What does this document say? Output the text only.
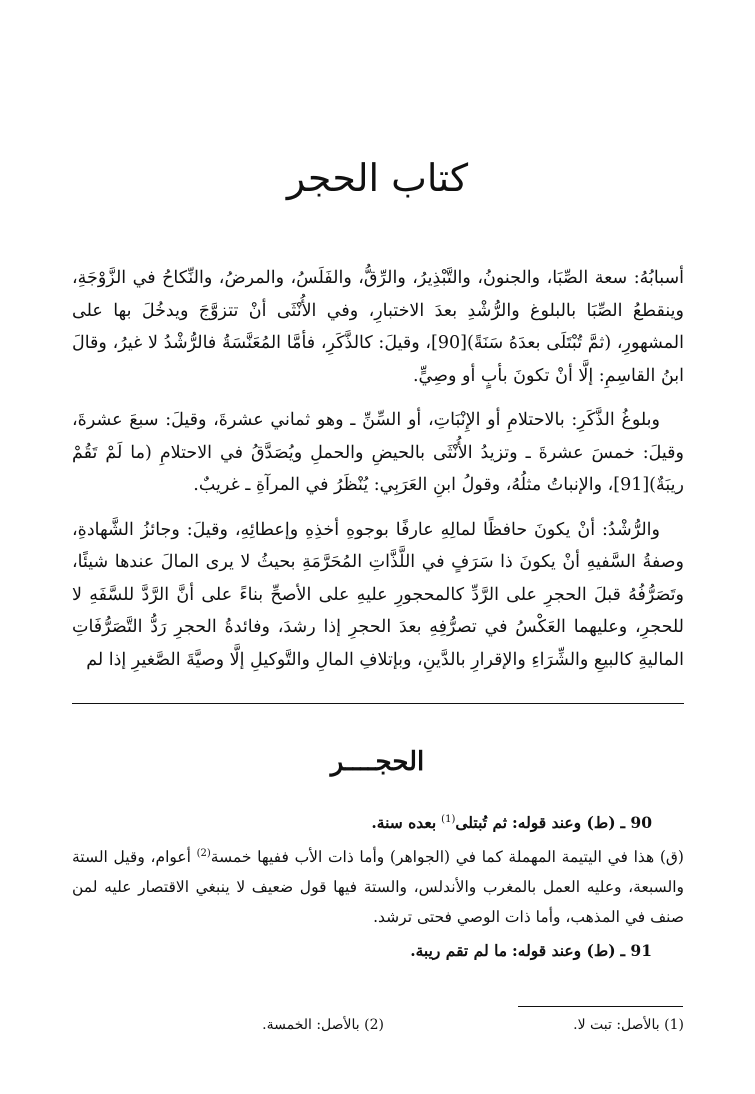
كتاب الحجر

أسبابُهُ: سعة الصِّبَا، والجنونُ، والتَّبْذِيرُ، والرِّقُّ، والفَلَسُ، والمرضُ، والنِّكاحُ في الزَّوْجَةِ، وينقطعُ الصِّبَا بالبلوغ والرُّشْدِ بعدَ الاختبارِ، وفي الأُنْثَى أنْ تتزوَّجَ ويدخُلَ بها على المشهورِ، (ثمَّ تُبْتَلَى بعدَهُ سَنَةً)[90]، وقيلَ: كالذَّكَرِ، فأمَّا المُعَنَّسَةُ فالرُّشْدُ لا غيرُ، وقالَ ابنُ القاسِمِ: إلَّا أنْ تكونَ بأبٍ أو وصِيٍّ.

وبلوغُ الذَّكَرِ: بالاحتلامِ أو الإِنْبَاتِ، أو السِّنِّ ـ وهو ثماني عشرةَ، وقيلَ: سبعَ عشرةَ، وقيلَ: خمسَ عشرةَ ـ وتزيدُ الأُنْثَى بالحيضِ والحملِ ويُصَدَّقُ في الاحتلامِ (ما لَمْ تَقُمْ ريبَةٌ)[91]، والإنباتُ مثلُهُ، وقولُ ابنِ العَرَبِي: يُنْظَرُ في المرآةِ ـ غريبٌ.

والرُّشْدُ: أنْ يكونَ حافظًا لمالِهِ عارفًا بوجوهِ أخذِهِ وإعطائِهِ، وقيلَ: وجائزُ الشَّهادةِ، وصفةُ السَّفيهِ أنْ يكونَ ذا سَرَفٍ في اللَّذَّاتِ المُحَرَّمَةِ بحيثُ لا يرى المالَ عندها شيئًا، وتَصَرُّفُهُ قبلَ الحجرِ على الرَّدِّ كالمحجورِ عليهِ على الأصحِّ بناءً على أنَّ الرَّدَّ للسَّفَهِ لا للحجرِ، وعليهما العَكْسُ في تصرُّفِهِ بعدَ الحجرِ إذا رشدَ، وفائدةُ الحجرِ رَدُّ التَّصَرُّفَاتِ الماليةِ كالبيعِ والشِّرَاءِ والإقرارِ بالدَّينِ، وبإتلافِ المالِ والتَّوكيلِ إلَّا وصيَّةَ الصَّغيرِ إذا لم

الحجــــر

90 ـ (ط) وعند قوله: ثم تُبتلى$^{(1)}$ بعده سنة.

(ق) هذا في اليتيمة المهملة كما في (الجواهر) وأما ذات الأب ففيها خمسة$^{(2)}$ أعوام، وقيل الستة والسبعة، وعليه العمل بالمغرب والأندلس، والستة فيها قول ضعيف لا ينبغي الاقتصار عليه لمن صنف في المذهب، وأما ذات الوصي فحتى ترشد.

91 ـ (ط) وعند قوله: ما لم تقم ريبة.

(1) بالأصل: تبت لا.
(2) بالأصل: الخمسة.
